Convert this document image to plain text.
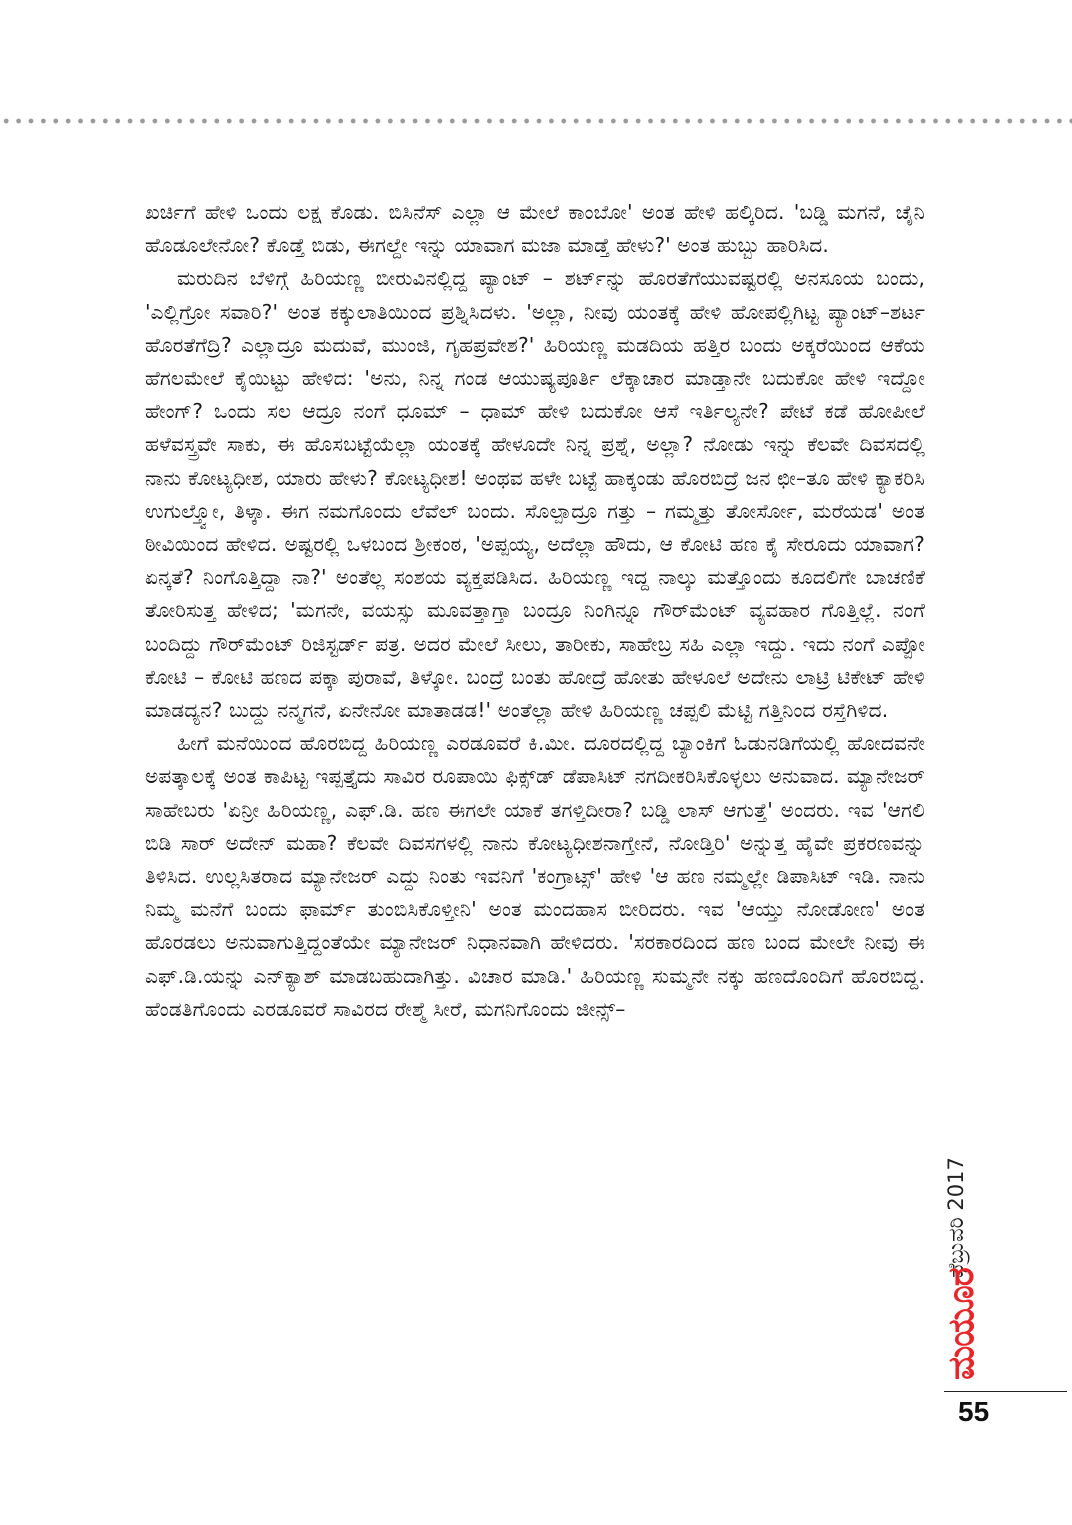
ಖರ್ಚಿಗೆ ಹೇಳಿ ಒಂದು ಲಕ್ಷ ಕೊಡು. ಬಿಸಿನೆಸ್ ಎಲ್ಲಾ ಆ ಮೇಲೆ ಕಾಂಬೋ' ಅಂತ ಹೇಳಿ ಹಲ್ಕಿರಿದ. 'ಬಡ್ಡಿ ಮಗನೆ, ಚೈನಿ ಹೊಡೂಲೇನೋ? ಕೊಡ್ತೆ ಬಿಡು, ಈಗಲ್ದೇ ಇನ್ನು ಯಾವಾಗ ಮಜಾ ಮಾಡ್ತೆ ಹೇಳು?' ಅಂತ ಹುಬ್ಬು ಹಾರಿಸಿದ.

ಮರುದಿನ ಬೆಳಿಗ್ಗೆ ಹಿರಿಯಣ್ಣ ಬೀರುವಿನಲ್ಲಿದ್ದ ಪ್ಯಾಂಟ್ – ಶರ್ಟ್‌ನ್ನು ಹೊರತೆಗೆಯುವಷ್ಟರಲ್ಲಿ ಅನಸೂಯ ಬಂದು, 'ಎಲ್ಲಿಗ್ರೋ ಸವಾರಿ?' ಅಂತ ಕಕ್ಕುಲಾತಿಯಿಂದ ಪ್ರಶ್ನಿಸಿದಳು. 'ಅಲ್ಲಾ, ನೀವು ಯಂತಕ್ಕೆ ಹೇಳಿ ಹೋಪಲ್ಲಿಗಿಟ್ಟ ಪ್ಯಾಂಟ್–ಶರ್ಟ ಹೊರತೆಗೆದ್ರಿ? ಎಲ್ಲಾದ್ರೂ ಮದುವೆ, ಮುಂಜಿ, ಗೃಹಪ್ರವೇಶ?' ಹಿರಿಯಣ್ಣ ಮಡದಿಯ ಹತ್ತಿರ ಬಂದು ಅಕ್ಕರೆಯಿಂದ ಆಕೆಯ ಹೆಗಲಮೇಲೆ ಕೈಯಿಟ್ಟು ಹೇಳಿದ: 'ಅನು, ನಿನ್ನ ಗಂಡ ಆಯುಷ್ಯಪೂರ್ತಿ ಲೆಕ್ಕಾಚಾರ ಮಾಡ್ತಾನೇ ಬದುಕೋ ಹೇಳಿ ಇದ್ದೋ ಹೇಂಗ್? ಒಂದು ಸಲ ಆದ್ರೂ ನಂಗೆ ಧೂಮ್ – ಧಾಮ್ ಹೇಳಿ ಬದುಕೋ ಆಸೆ ಇರ್ತಿಲ್ಯನೇ? ಪೇಟೆ ಕಡೆ ಹೋಪೀಲೆ ಹಳೆವಸ್ತ್ರವೇ ಸಾಕು, ಈ ಹೊಸಬಟ್ಟೆಯೆಲ್ಲಾ ಯಂತಕ್ಕೆ ಹೇಳೂದೇ ನಿನ್ನ ಪ್ರಶ್ನೆ, ಅಲ್ಲಾ? ನೋಡು ಇನ್ನು ಕೆಲವೇ ದಿವಸದಲ್ಲಿ ನಾನು ಕೋಟ್ಯಧೀಶ, ಯಾರು ಹೇಳು? ಕೋಟ್ಯಧೀಶ! ಅಂಥವ ಹಳೇ ಬಟ್ಟೆ ಹಾಕ್ಕಂಡು ಹೊರಬಿದ್ರೆ ಜನ ಛೀ–ತೂ ಹೇಳಿ ಕ್ಯಾಕರಿಸಿ ಉಗುಲ್ತ್ವೋ, ತಿಳ್ಕಾ. ಈಗ ನಮಗೊಂದು ಲೆವೆಲ್ ಬಂದು. ಸೊಲ್ಪಾದ್ರೂ ಗತ್ತು – ಗಮ್ಮತ್ತು ತೋರ್ಸೋ, ಮರೆಯಡ' ಅಂತ ಠೀವಿಯಿಂದ ಹೇಳಿದ. ಅಷ್ಟರಲ್ಲಿ ಒಳಬಂದ ಶ್ರೀಕಂಠ, 'ಅಪ್ಪಯ್ಯ, ಅದೆಲ್ಲಾ ಹೌದು, ಆ ಕೋಟಿ ಹಣ ಕೈ ಸೇರೂದು ಯಾವಾಗ? ಏನ್ಕತೆ? ನಿಂಗೊತ್ತಿದ್ದಾ ನಾ?' ಅಂತೆಲ್ಲ ಸಂಶಯ ವ್ಯಕ್ತಪಡಿಸಿದ. ಹಿರಿಯಣ್ಣ ಇದ್ದ ನಾಲ್ಕು ಮತ್ತೊಂದು ಕೂದಲಿಗೇ ಬಾಚಣಿಕೆ ತೋರಿಸುತ್ತ ಹೇಳಿದ; 'ಮಗನೇ, ವಯಸ್ಸು ಮೂವತ್ತಾಗ್ತಾ ಬಂದ್ರೂ ನಿಂಗಿನ್ನೂ ಗೌರ್‌ಮೆಂಟ್ ವ್ಯವಹಾರ ಗೊತ್ತಿಲ್ಲೆ. ನಂಗೆ ಬಂದಿದ್ದು ಗೌರ್‌ಮೆಂಟ್ ರಿಜಿಸ್ಟರ್ಡ್ ಪತ್ರ. ಅದರ ಮೇಲೆ ಸೀಲು, ತಾರೀಕು, ಸಾಹೇಬ್ರ ಸಹಿ ಎಲ್ಲಾ ಇದ್ದು. ಇದು ನಂಗೆ ಎಪ್ಪೋ ಕೋಟಿ – ಕೋಟಿ ಹಣದ ಪಕ್ಕಾ ಪುರಾವೆ, ತಿಳ್ಕೋ. ಬಂದ್ರೆ ಬಂತು ಹೋದ್ರೆ ಹೋತು ಹೇಳೂಲೆ ಅದೇನು ಲಾಟ್ರಿ ಟಿಕೇಟ್ ಹೇಳಿ ಮಾಡದ್ಯನ? ಬುದ್ದು ನನ್ಮಗನೆ, ಏನೇನೋ ಮಾತಾಡಡ!' ಅಂತೆಲ್ಲಾ ಹೇಳಿ ಹಿರಿಯಣ್ಣ ಚಪ್ಪಲಿ ಮೆಟ್ಟಿ ಗತ್ತಿನಿಂದ ರಸ್ತೆಗಿಳಿದ.

ಹೀಗೆ ಮನೆಯಿಂದ ಹೊರಬಿದ್ದ ಹಿರಿಯಣ್ಣ ಎರಡೂವರೆ ಕಿ.ಮೀ. ದೂರದಲ್ಲಿದ್ದ ಬ್ಯಾಂಕಿಗೆ ಓಡುನಡಿಗೆಯಲ್ಲಿ ಹೋದವನೇ ಅಪತ್ಕಾಲಕ್ಕೆ ಅಂತ ಕಾಪಿಟ್ಟ ಇಪ್ಪತ್ತೈದು ಸಾವಿರ ರೂಪಾಯಿ ಫಿಕ್ಸ್‌ಡ್ ಡೆಪಾಸಿಟ್ ನಗದೀಕರಿಸಿಕೊಳ್ಳಲು ಅನುವಾದ. ಮ್ಯಾನೇಜರ್ ಸಾಹೇಬರು 'ಏನ್ರೀ ಹಿರಿಯಣ್ಣ, ಎಫ್.ಡಿ. ಹಣ ಈಗಲೇ ಯಾಕೆ ತಗಳ್ತಿದೀರಾ? ಬಡ್ಡಿ ಲಾಸ್ ಆಗುತ್ತೆ' ಅಂದರು. ಇವ 'ಆಗಲಿ ಬಿಡಿ ಸಾರ್ ಅದೇನ್ ಮಹಾ? ಕೆಲವೇ ದಿವಸಗಳಲ್ಲಿ ನಾನು ಕೋಟ್ಯಧೀಶನಾಗ್ತೇನೆ, ನೋಡ್ತಿರಿ' ಅನ್ನುತ್ತ ಹೈವೇ ಪ್ರಕರಣವನ್ನು ತಿಳಿಸಿದ. ಉಲ್ಲಸಿತರಾದ ಮ್ಯಾನೇಜರ್ ಎದ್ದು ನಿಂತು ಇವನಿಗೆ 'ಕಂಗ್ರಾಟ್ಸ್' ಹೇಳಿ 'ಆ ಹಣ ನಮ್ಮಲ್ಲೇ ಡಿಪಾಸಿಟ್ ಇಡಿ. ನಾನು ನಿಮ್ಮ ಮನೆಗೆ ಬಂದು ಫಾರ್ಮ್ ತುಂಬಿಸಿಕೊಳ್ತೀನಿ' ಅಂತ ಮಂದಹಾಸ ಬೀರಿದರು. ಇವ 'ಆಯ್ತು ನೋಡೋಣ' ಅಂತ ಹೊರಡಲು ಅನುವಾಗುತ್ತಿದ್ದಂತೆಯೇ ಮ್ಯಾನೇಜರ್ ನಿಧಾನವಾಗಿ ಹೇಳಿದರು. 'ಸರಕಾರದಿಂದ ಹಣ ಬಂದ ಮೇಲೇ ನೀವು ಈ ಎಫ್.ಡಿ.ಯನ್ನು ಎನ್‌ಕ್ಯಾಶ್ ಮಾಡಬಹುದಾಗಿತ್ತು. ವಿಚಾರ ಮಾಡಿ.' ಹಿರಿಯಣ್ಣ ಸುಮ್ಮನೇ ನಕ್ಕು ಹಣದೊಂದಿಗೆ ಹೊರಬಿದ್ದ. ಹೆಂಡತಿಗೊಂದು ಎರಡೂವರೆ ಸಾವಿರದ ರೇಶ್ಮೆ ಸೀರೆ, ಮಗನಿಗೊಂದು ಜೀನ್ಸ್–

ಫೆಬ್ರುವರಿ 2017
ಮಯೂರ
55
